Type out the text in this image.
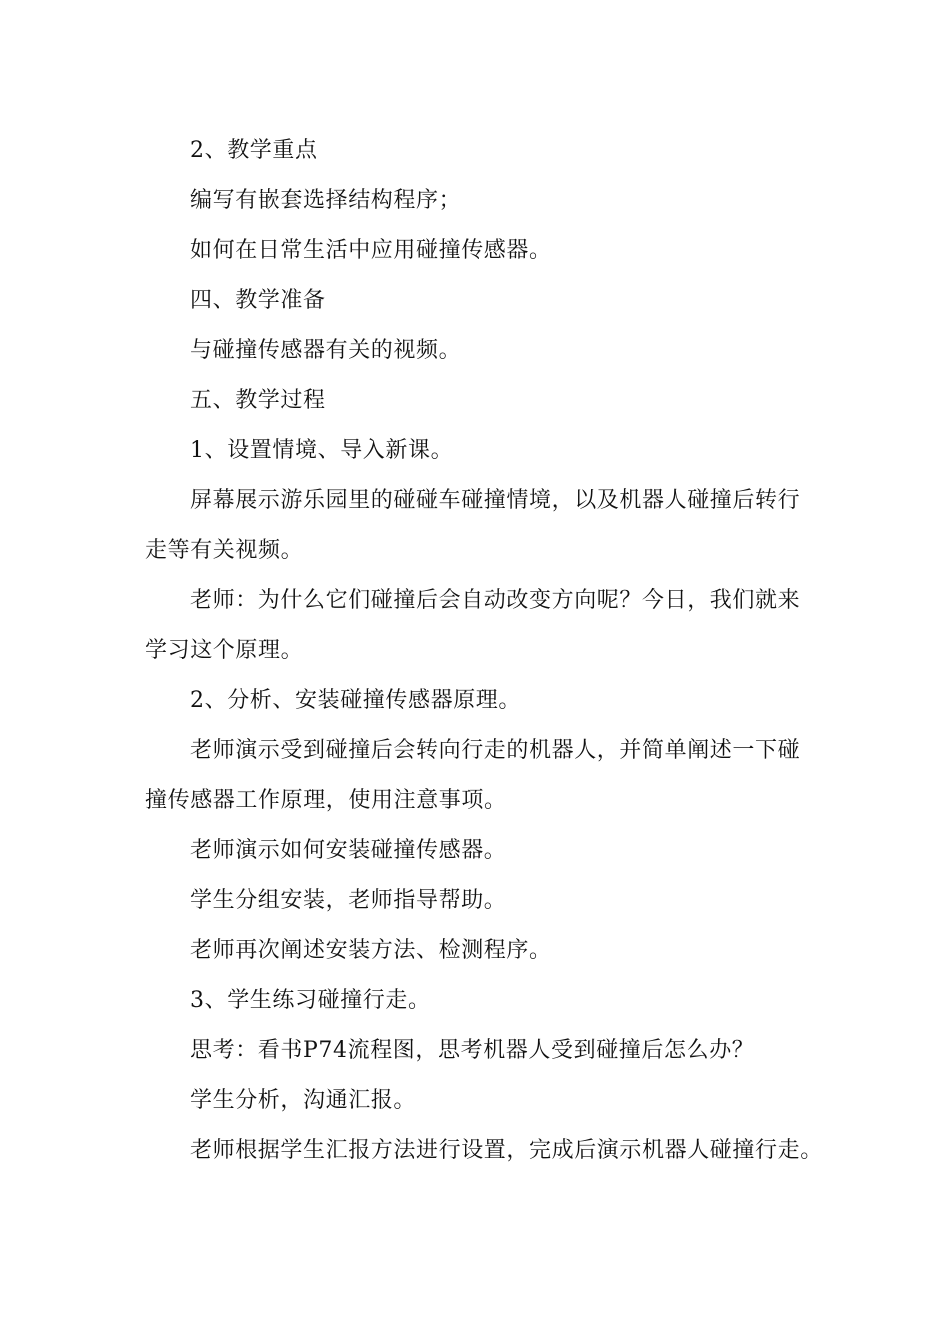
2、教学重点

编写有嵌套选择结构程序；

如何在日常生活中应用碰撞传感器。

四、教学准备

与碰撞传感器有关的视频。

五、教学过程

1、设置情境、导入新课。

屏幕展示游乐园里的碰碰车碰撞情境，以及机器人碰撞后转行

走等有关视频。

老师：为什么它们碰撞后会自动改变方向呢？今日，我们就来

学习这个原理。

2、分析、安装碰撞传感器原理。

老师演示受到碰撞后会转向行走的机器人，并简单阐述一下碰

撞传感器工作原理，使用注意事项。

老师演示如何安装碰撞传感器。

学生分组安装，老师指导帮助。

老师再次阐述安装方法、检测程序。

3、学生练习碰撞行走。

思考：看书P74流程图，思考机器人受到碰撞后怎么办？

学生分析，沟通汇报。

老师根据学生汇报方法进行设置，完成后演示机器人碰撞行走。
